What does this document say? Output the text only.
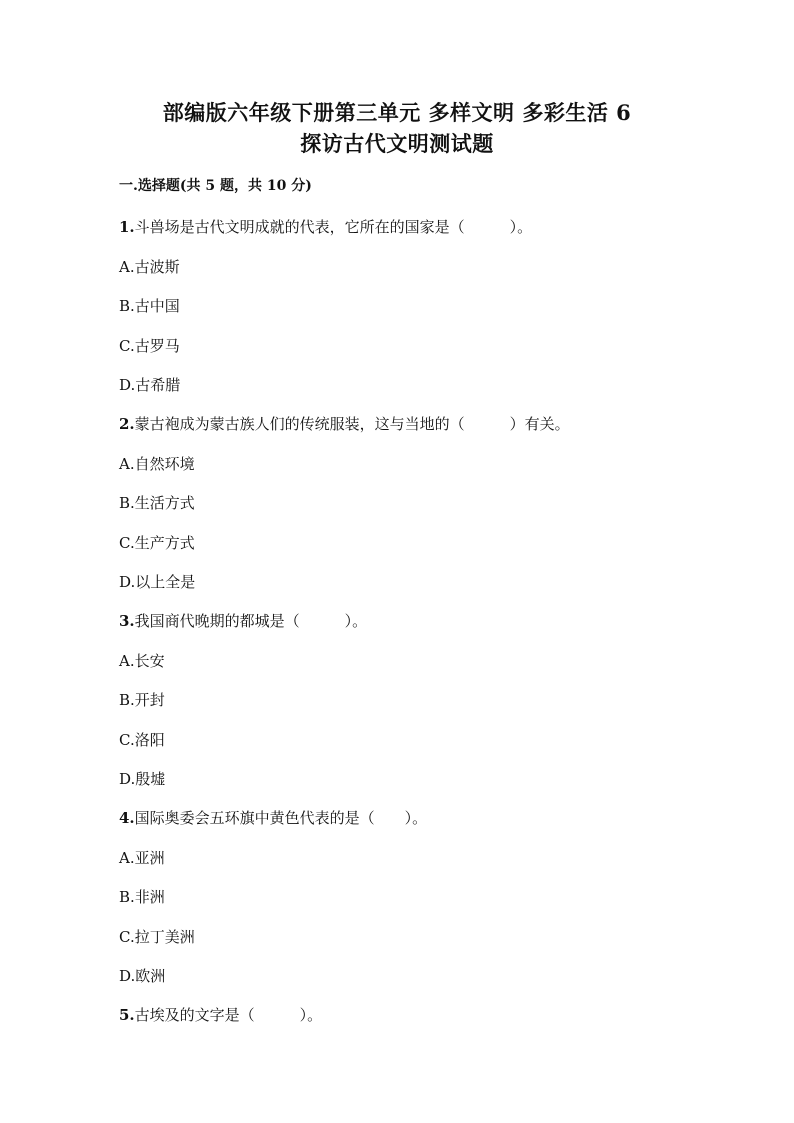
部编版六年级下册第三单元 多样文明 多彩生活 6
探访古代文明测试题
一.选择题(共 5 题，共 10 分)
1.斗兽场是古代文明成就的代表，它所在的国家是（　　　）。
A.古波斯
B.古中国
C.古罗马
D.古希腊
2.蒙古袍成为蒙古族人们的传统服装，这与当地的（　　　）有关。
A.自然环境
B.生活方式
C.生产方式
D.以上全是
3.我国商代晚期的都城是（　　　）。
A.长安
B.开封
C.洛阳
D.殷墟
4.国际奥委会五环旗中黄色代表的是（　　）。
A.亚洲
B.非洲
C.拉丁美洲
D.欧洲
5.古埃及的文字是（　　　）。
